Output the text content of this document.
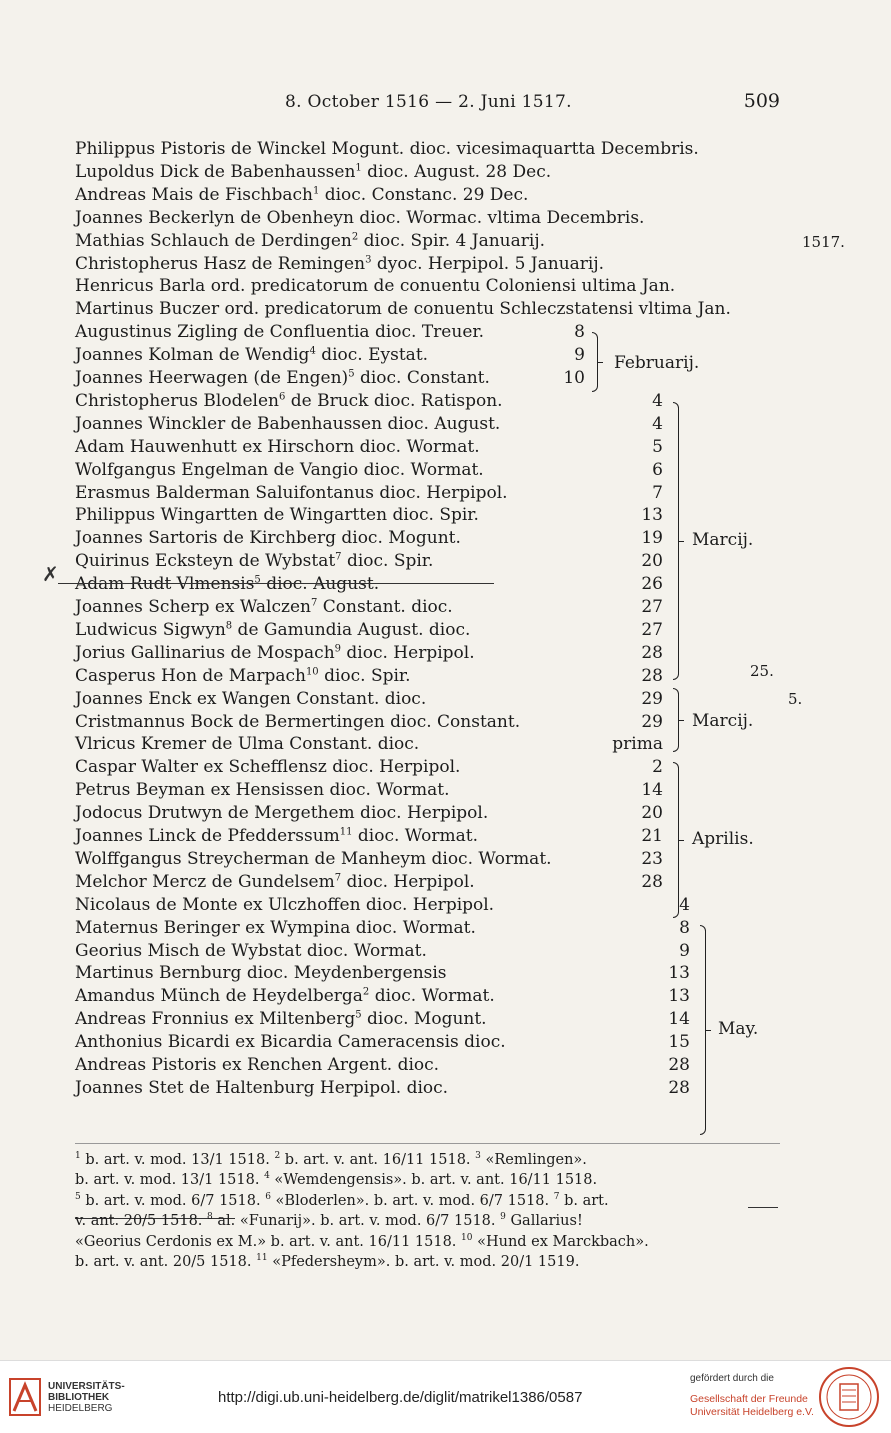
8. October 1516 — 2. Juni 1517.	509
Philippus Pistoris de Winckel Mogunt. dioc. vicesimaquartta Decembris.
Lupoldus Dick de Babenhaussen$^1$ dioc. August. 28 Dec.
Andreas Mais de Fischbach$^1$ dioc. Constanc. 29 Dec.
Joannes Beckerlyn de Obenheyn dioc. Wormac. vltima Decembris.
Mathias Schlauch de Derdingen$^2$ dioc. Spir. 4 Januarij.
Christopherus Hasz de Remingen$^3$ dyoc. Herpipol. 5 Januarij.
Henricus Barla ord. predicatorum de conuentu Coloniensi ultima Jan.
Martinus Buczer ord. predicatorum de conuentu Schleczstatensi vltima Jan.
Augustinus Zigling de Confluentia dioc. Treuer.	8
Joannes Kolman de Wendig$^4$ dioc. Eystat.	9
Joannes Heerwagen (de Engen)$^5$ dioc. Constant.	10
Christopherus Blodelen$^6$ de Bruck dioc. Ratispon.	4
Joannes Winckler de Babenhaussen dioc. August.	4
Adam Hauwenhutt ex Hirschorn dioc. Wormat.	5
Wolfgangus Engelman de Vangio dioc. Wormat.	6
Erasmus Balderman Saluifontanus dioc. Herpipol.	7
Philippus Wingartten de Wingartten dioc. Spir.	13
Joannes Sartoris de Kirchberg dioc. Mogunt.	19
Quirinus Ecksteyn de Wybstat$^7$ dioc. Spir.	20
Adam Rudt Vlmensis$^5$ dioc. August.	26
Joannes Scherp ex Walczen$^7$ Constant. dioc.	27
Ludwicus Sigwyn$^8$ de Gamundia August. dioc.	27
Jorius Gallinarius de Mospach$^9$ dioc. Herpipol.	28
Casperus Hon de Marpach$^{10}$ dioc. Spir.	28
Joannes Enck ex Wangen Constant. dioc.	29
Cristmannus Bock de Bermertingen dioc. Constant.	29
Vlricus Kremer de Ulma Constant. dioc.	prima
Caspar Walter ex Schefflensz dioc. Herpipol.	2
Petrus Beyman ex Hensissen dioc. Wormat.	14
Jodocus Drutwyn de Mergethem dioc. Herpipol.	20
Joannes Linck de Pfedderssum$^{11}$ dioc. Wormat.	21
Wolffgangus Streycherman de Manheym dioc. Wormat.	23
Melchor Mercz de Gundelsem$^7$ dioc. Herpipol.	28
Nicolaus de Monte ex Ulczhoffen dioc. Herpipol.	4
Maternus Beringer ex Wympina dioc. Wormat.	8
Georius Misch de Wybstat dioc. Wormat.	9
Martinus Bernburg dioc. Meydenbergensis	13
Amandus Münch de Heydelberga$^2$ dioc. Wormat.	13
Andreas Fronnius ex Miltenberg$^5$ dioc. Mogunt.	14
Anthonius Bicardi ex Bicardia Cameracensis dioc.	15
Andreas Pistoris ex Renchen Argent. dioc.	28
Joannes Stet de Haltenburg Herpipol. dioc.	28
Februarij.
Marcij.
Marcij.
Aprilis.
May.
1517.
25.
5.
✗
$^1$ b. art. v. mod. 13/1 1518. $^2$ b. art. v. ant. 16/11 1518. $^3$ «Remlingen».
b. art. v. mod. 13/1 1518. $^4$ «Wemdengensis». b. art. v. ant. 16/11 1518.
$^5$ b. art. v. mod. 6/7 1518. $^6$ «Bloderlen». b. art. v. mod. 6/7 1518. $^7$ b. art.
v. ant. 20/5 1518. $^8$ al. «Funarij». b. art. v. mod. 6/7 1518. $^9$ Gallarius!
«Georius Cerdonis ex M.» b. art. v. ant. 16/11 1518. $^{10}$ «Hund ex Marckbach».
b. art. v. ant. 20/5 1518. $^{11}$ «Pfedersheym». b. art. v. mod. 20/1 1519.
UNIVERSITÄTS-
BIBLIOTHEK
HEIDELBERG
http://digi.ub.uni-heidelberg.de/diglit/matrikel1386/0587
gefördert durch die
Gesellschaft der Freunde
Universität Heidelberg e.V.
